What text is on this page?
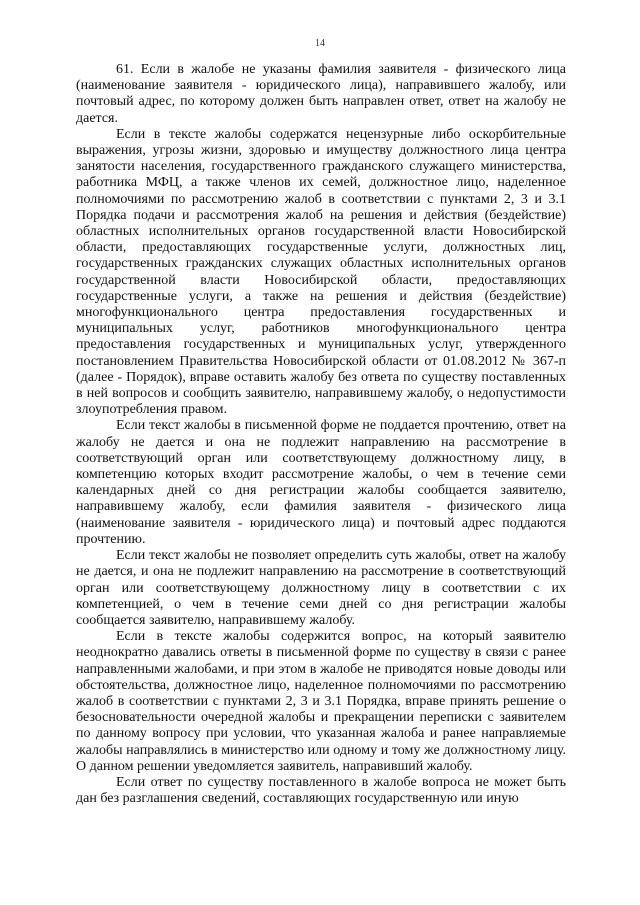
14

61. Если в жалобе не указаны фамилия заявителя - физического лица (наименование заявителя - юридического лица), направившего жалобу, или почтовый адрес, по которому должен быть направлен ответ, ответ на жалобу не дается.

Если в тексте жалобы содержатся нецензурные либо оскорбительные выражения, угрозы жизни, здоровью и имуществу должностного лица центра занятости населения, государственного гражданского служащего министерства, работника МФЦ, а также членов их семей, должностное лицо, наделенное полномочиями по рассмотрению жалоб в соответствии с пунктами 2, 3 и 3.1 Порядка подачи и рассмотрения жалоб на решения и действия (бездействие) областных исполнительных органов государственной власти Новосибирской области, предоставляющих государственные услуги, должностных лиц, государственных гражданских служащих областных исполнительных органов государственной власти Новосибирской области, предоставляющих государственные услуги, а также на решения и действия (бездействие) многофункционального центра предоставления государственных и муниципальных услуг, работников многофункционального центра предоставления государственных и муниципальных услуг, утвержденного постановлением Правительства Новосибирской области от 01.08.2012 № 367-п (далее - Порядок), вправе оставить жалобу без ответа по существу поставленных в ней вопросов и сообщить заявителю, направившему жалобу, о недопустимости злоупотребления правом.

Если текст жалобы в письменной форме не поддается прочтению, ответ на жалобу не дается и она не подлежит направлению на рассмотрение в соответствующий орган или соответствующему должностному лицу, в компетенцию которых входит рассмотрение жалобы, о чем в течение семи календарных дней со дня регистрации жалобы сообщается заявителю, направившему жалобу, если фамилия заявителя - физического лица (наименование заявителя - юридического лица) и почтовый адрес поддаются прочтению.

Если текст жалобы не позволяет определить суть жалобы, ответ на жалобу не дается, и она не подлежит направлению на рассмотрение в соответствующий орган или соответствующему должностному лицу в соответствии с их компетенцией, о чем в течение семи дней со дня регистрации жалобы сообщается заявителю, направившему жалобу.

Если в тексте жалобы содержится вопрос, на который заявителю неоднократно давались ответы в письменной форме по существу в связи с ранее направленными жалобами, и при этом в жалобе не приводятся новые доводы или обстоятельства, должностное лицо, наделенное полномочиями по рассмотрению жалоб в соответствии с пунктами 2, 3 и 3.1 Порядка, вправе принять решение о безосновательности очередной жалобы и прекращении переписки с заявителем по данному вопросу при условии, что указанная жалоба и ранее направляемые жалобы направлялись в министерство или одному и тому же должностному лицу. О данном решении уведомляется заявитель, направивший жалобу.

Если ответ по существу поставленного в жалобе вопроса не может быть дан без разглашения сведений, составляющих государственную или иную
